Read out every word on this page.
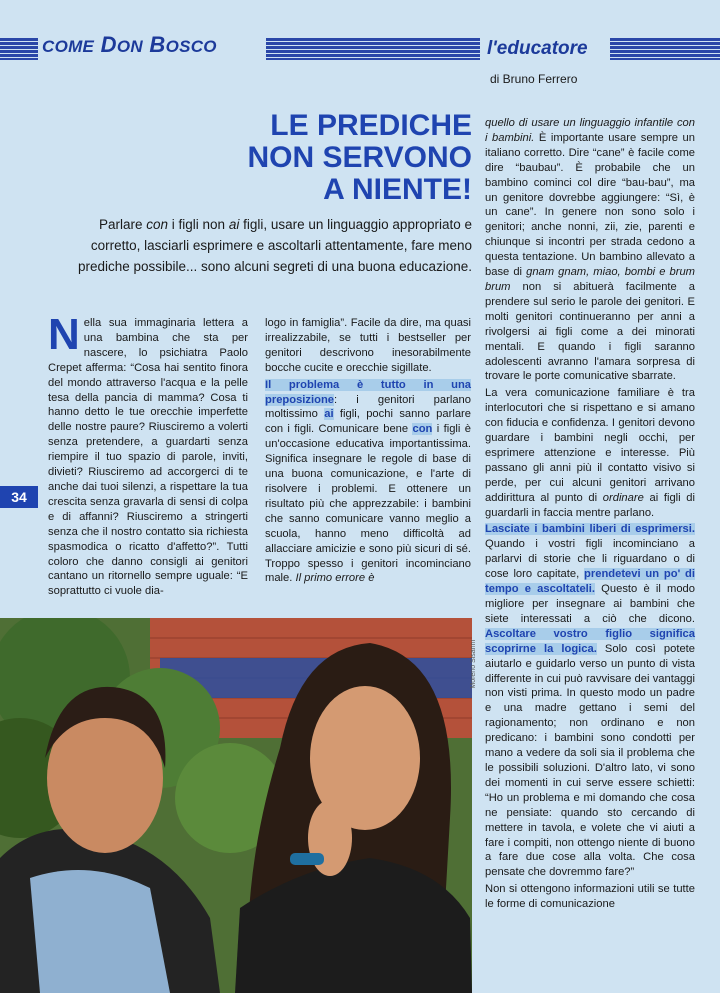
COME DON BOSCO	l'educatore
di Bruno Ferrero
LE PREDICHE
NON SERVONO
A NIENTE!
Parlare con i figli non ai figli, usare un linguaggio appropriato e corretto, lasciarli esprimere e ascoltarli attentamente, fare meno prediche possibile... sono alcuni segreti di una buona educazione.

Nella sua immaginaria lettera a una bambina che sta per nascere, lo psichiatra Paolo Crepet afferma: “Cosa hai sentito finora del mondo attraverso l'acqua e la pelle tesa della pancia di mamma? Cosa ti hanno detto le tue orecchie imperfette delle nostre paure? Riusciremo a volerti senza pretendere, a guardarti senza riempire il tuo spazio di parole, inviti, divieti? Riusciremo ad accorgerci di te anche dai tuoi silenzi, a rispettare la tua crescita senza gravarla di sensi di colpa e di affanni? Riusciremo a stringerti senza che il nostro contatto sia richiesta spasmodica o ricatto d'affetto?”. Tutti coloro che danno consigli ai genitori cantano un ritornello sempre uguale: “E soprattutto ci vuole dia-

logo in famiglia”. Facile da dire, ma quasi irrealizzabile, se tutti i bestseller per genitori descrivono inesorabilmente bocche cucite e orecchie sigillate.

Il problema è tutto in una preposizione: i genitori parlano moltissimo ai figli, pochi sanno parlare con i figli. Comunicare bene con i figli è un'occasione educativa importantissima. Significa insegnare le regole di base di una buona comunicazione, e l'arte di risolvere i problemi. E ottenere un risultato più che apprezzabile: i bambini che sanno comunicare vanno meglio a scuola, hanno meno difficoltà ad allacciare amicizie e sono più sicuri di sé. Troppo spesso i genitori incominciano male. Il primo errore è

quello di usare un linguaggio infantile con i bambini. È importante usare sempre un italiano corretto. Dire “cane” è facile come dire “baubau”. È probabile che un bambino cominci col dire “bau-bau”, ma un genitore dovrebbe aggiungere: “Sì, è un cane”. In genere non sono solo i genitori; anche nonni, zii, zie, parenti e chiunque si incontri per strada cedono a questa tentazione. Un bambino allevato a base di gnam gnam, miao, bombi e brum brum non si abituerà facilmente a prendere sul serio le parole dei genitori. E molti genitori continueranno per anni a rivolgersi ai figli come a dei minorati mentali. E quando i figli saranno adolescenti avranno l'amara sorpresa di trovare le porte comunicative sbarrate.

La vera comunicazione familiare è tra interlocutori che si rispettano e si amano con fiducia e confidenza. I genitori devono guardare i bambini negli occhi, per esprimere attenzione e interesse. Più passano gli anni più il contatto visivo si perde, per cui alcuni genitori arrivano addirittura al punto di ordinare ai figli di guardarli in faccia mentre parlano.

Lasciate i bambini liberi di esprimersi. Quando i vostri figli incominciano a parlarvi di storie che li riguardano o di cose loro capitate, prendetevi un po' di tempo e ascoltateli. Questo è il modo migliore per insegnare ai bambini che siete interessati a ciò che dicono. Ascoltare vostro figlio significa scoprirne la logica. Solo così potete aiutarlo e guidarlo verso un punto di vista differente in cui può ravvisare dei vantaggi non visti prima. In questo modo un padre e una madre gettano i semi del ragionamento; non ordinano e non predicano: i bambini sono condotti per mano a vedere da soli sia il problema che le possibili soluzioni. D'altro lato, vi sono dei momenti in cui serve essere schietti: “Ho un problema e mi domando che cosa ne pensiate: quando sto cercando di mettere in tavola, e volete che vi aiuti a fare i compiti, non ottengo niente di buono a fare due cose alla volta. Che cosa pensate che dovremmo fare?”

Non si ottengono informazioni utili se tutte le forme di comunicazione

34
Moreno Sisanni
